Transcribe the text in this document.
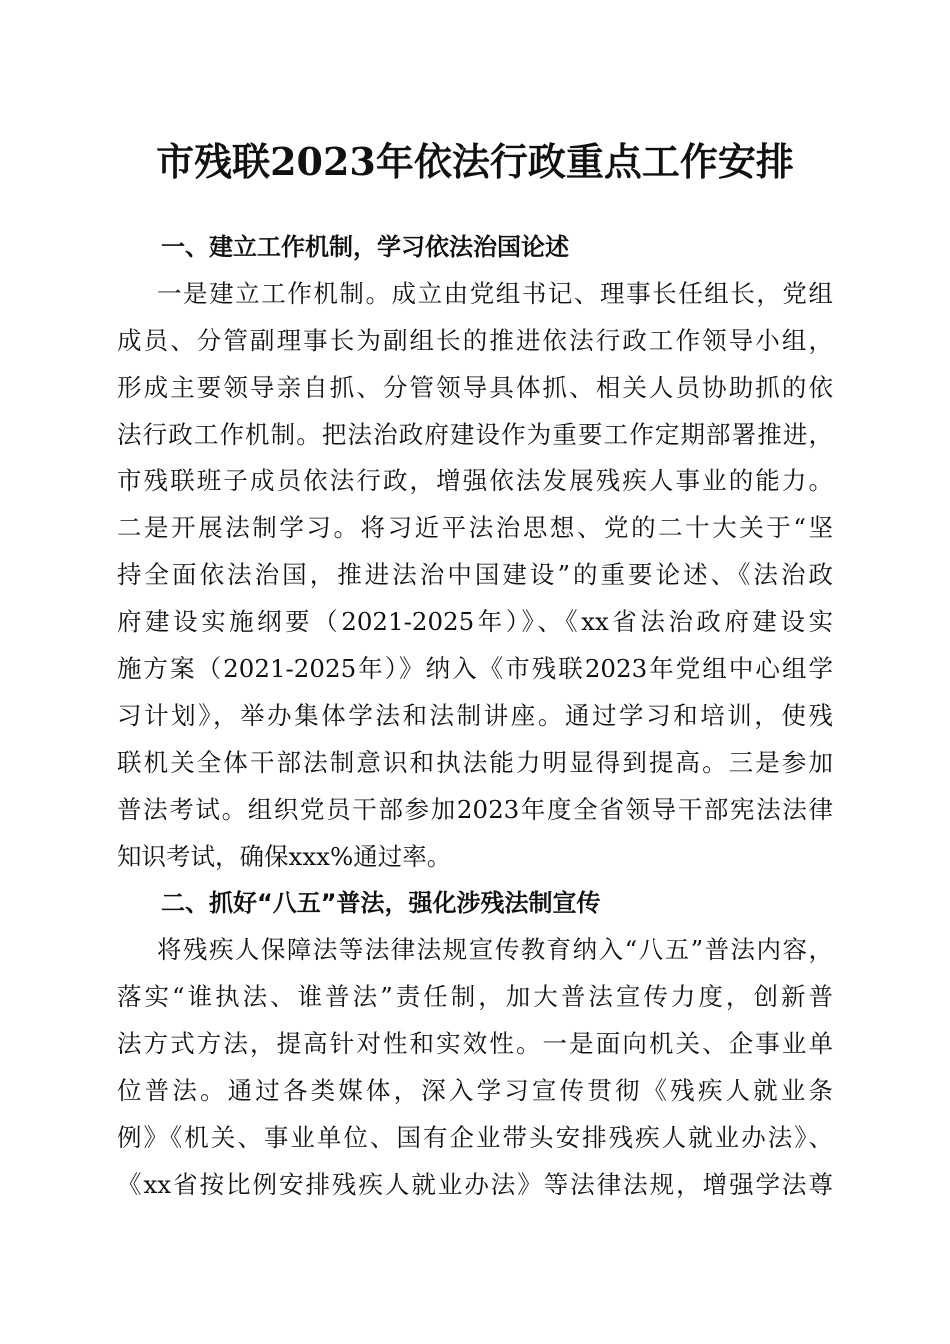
市残联2023年依法行政重点工作安排
一、建立工作机制，学习依法治国论述
一是建立工作机制。成立由党组书记、理事长任组长，党组
成员、分管副理事长为副组长的推进依法行政工作领导小组，
形成主要领导亲自抓、分管领导具体抓、相关人员协助抓的依
法行政工作机制。把法治政府建设作为重要工作定期部署推进，
市残联班子成员依法行政，增强依法发展残疾人事业的能力。
二是开展法制学习。将习近平法治思想、党的二十大关于“坚
持全面依法治国，推进法治中国建设”的重要论述、《法治政
府建设实施纲要（2021-2025年）》、《xx省法治政府建设实
施方案（2021-2025年）》纳入《市残联2023年党组中心组学
习计划》，举办集体学法和法制讲座。通过学习和培训，使残
联机关全体干部法制意识和执法能力明显得到提高。三是参加
普法考试。组织党员干部参加2023年度全省领导干部宪法法律
知识考试，确保xxx%通过率。
二、抓好“八五”普法，强化涉残法制宣传
将残疾人保障法等法律法规宣传教育纳入“八五”普法内容，
落实“谁执法、谁普法”责任制，加大普法宣传力度，创新普
法方式方法，提高针对性和实效性。一是面向机关、企事业单
位普法。通过各类媒体，深入学习宣传贯彻《残疾人就业条
例》《机关、事业单位、国有企业带头安排残疾人就业办法》、
《xx省按比例安排残疾人就业办法》等法律法规，增强学法尊
